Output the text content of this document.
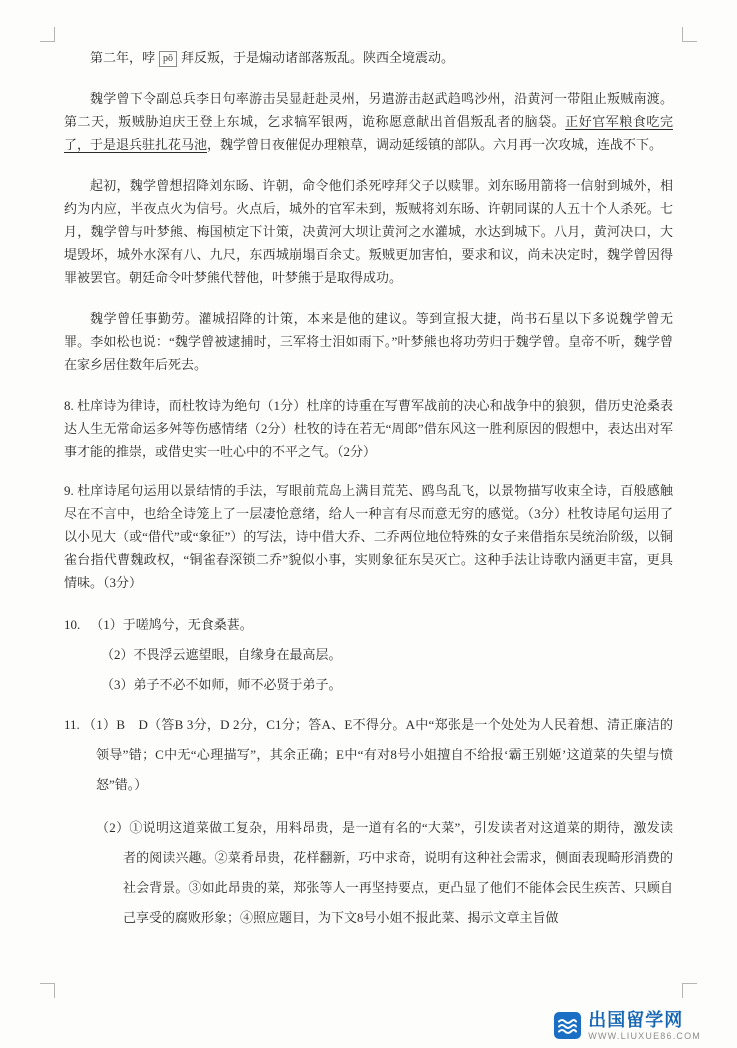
第二年，哱 pō 拜反叛，于是煽动诸部落叛乱。陕西全境震动。

魏学曾下令副总兵李日句率游击吴显赶赴灵州，另遣游击赵武趋鸣沙州，沿黄河一带阻止叛贼南渡。第二天，叛贼胁迫庆王登上东城，乞求犒军银两，诡称愿意献出首倡叛乱者的脑袋。正好官军粮食吃完了，于是退兵驻扎花马池，魏学曾日夜催促办理粮草，调动延绥镇的部队。六月再一次攻城，连战不下。

起初，魏学曾想招降刘东旸、许朝，命令他们杀死哱拜父子以赎罪。刘东旸用箭将一信射到城外，相约为内应，半夜点火为信号。火点后，城外的官军未到，叛贼将刘东旸、许朝同谋的人五十个人杀死。七月，魏学曾与叶梦熊、梅国桢定下计策，决黄河大坝让黄河之水灌城，水达到城下。八月，黄河决口，大堤毁坏，城外水深有八、九尺，东西城崩塌百余丈。叛贼更加害怕，要求和议，尚未决定时，魏学曾因得罪被罢官。朝廷命令叶梦熊代替他，叶梦熊于是取得成功。

魏学曾任事勤劳。灌城招降的计策，本来是他的建议。等到宣报大捷，尚书石星以下多说魏学曾无罪。李如松也说：“魏学曾被逮捕时，三军将士泪如雨下。”叶梦熊也将功劳归于魏学曾。皇帝不听，魏学曾在家乡居住数年后死去。

8. 杜庠诗为律诗，而杜牧诗为绝句（1分）杜庠的诗重在写曹军战前的决心和战争中的狼狈，借历史沧桑表达人生无常命运多舛等伤感情绪（2分）杜牧的诗在若无“周郎”借东风这一胜利原因的假想中，表达出对军事才能的推崇，或借史实一吐心中的不平之气。（2分）

9. 杜庠诗尾句运用以景结情的手法，写眼前荒岛上满目荒芜、鸥鸟乱飞，以景物描写收束全诗，百般感触尽在不言中，也给全诗笼上了一层凄怆意绪，给人一种言有尽而意无穷的感觉。（3分）杜牧诗尾句运用了以小见大（或“借代”或“象征”）的写法，诗中借大乔、二乔两位地位特殊的女子来借指东吴统治阶级，以铜雀台指代曹魏政权，“铜雀春深锁二乔”貌似小事，实则象征东吴灭亡。这种手法让诗歌内涵更丰富，更具情味。（3分）

10. （1）于嗟鸠兮，无食桑葚。
（2）不畏浮云遮望眼，自缘身在最高层。
（3）弟子不必不如师，师不必贤于弟子。

11. （1）B　D（答B 3分，D 2分，C1分；答A、E不得分。A中“郑张是一个处处为人民着想、清正廉洁的领导”错；C中无“心理描写”，其余正确；E中“有对8号小姐擅自不给报‘霸王别姬’这道菜的失望与愤怒”错。）

（2）①说明这道菜做工复杂，用料昂贵，是一道有名的“大菜”，引发读者对这道菜的期待，激发读者的阅读兴趣。②菜肴昂贵，花样翻新，巧中求奇，说明有这种社会需求，侧面表现畸形消费的社会背景。③如此昂贵的菜，郑张等人一再坚持要点，更凸显了他们不能体会民生疾苦、只顾自己享受的腐败形象；④照应题目，为下文8号小姐不报此菜、揭示文章主旨做

出国留学网
WWW.LIUXUE86.COM
